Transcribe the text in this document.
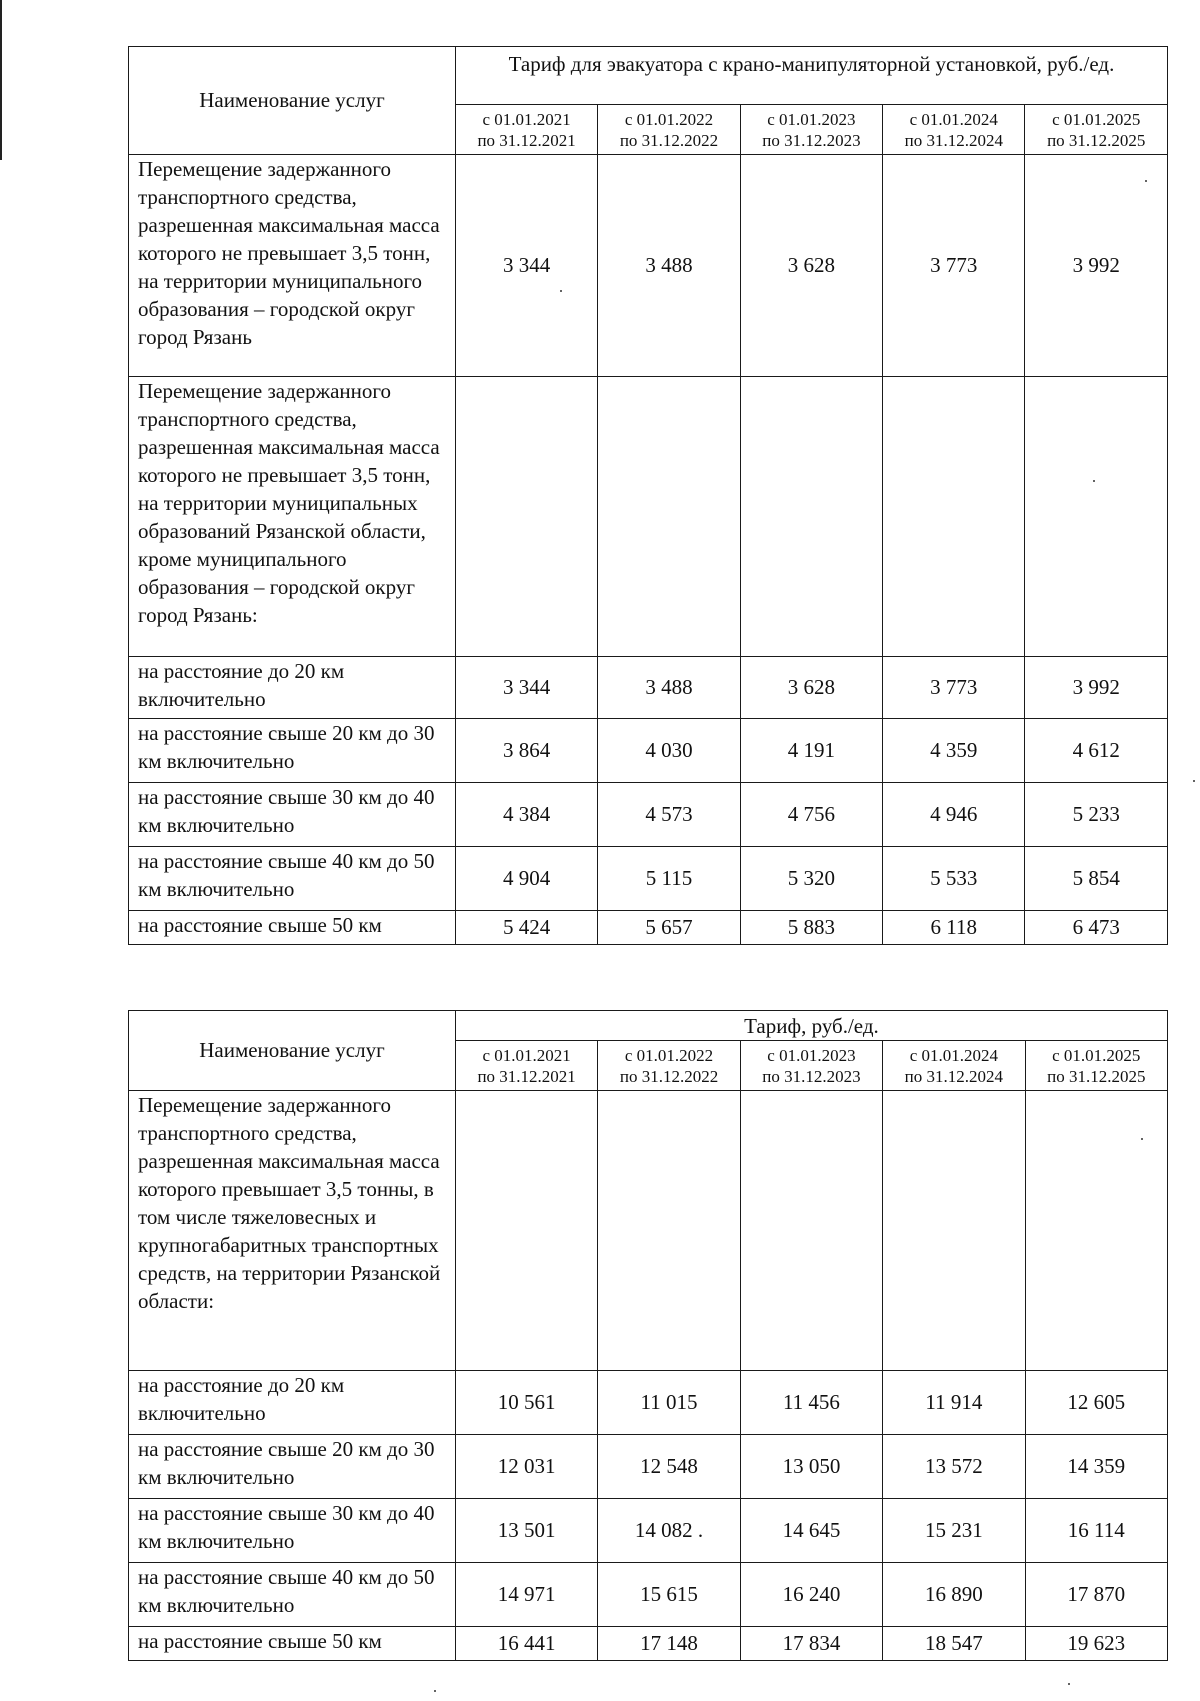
Наименование услуг	Тариф для эвакуатора с крано-манипуляторной установкой, руб./ед.				
	с 01.01.2021
по 31.12.2021	с 01.01.2022
по 31.12.2022	с 01.01.2023
по 31.12.2023	с 01.01.2024
по 31.12.2024	с 01.01.2025
по 31.12.2025
Перемещение задержанного транспортного средства, разрешенная максимальная масса которого не превышает 3,5 тонн, на территории муниципального образования – городской округ город Рязань	3 344	3 488	3 628	3 773	3 992
Перемещение задержанного транспортного средства, разрешенная максимальная масса которого не превышает 3,5 тонн, на территории муниципальных образований Рязанской области, кроме муниципального образования – городской округ город Рязань:					
на расстояние до 20 км включительно	3 344	3 488	3 628	3 773	3 992
на расстояние свыше 20 км до 30 км включительно	3 864	4 030	4 191	4 359	4 612
на расстояние свыше 30 км до 40 км включительно	4 384	4 573	4 756	4 946	5 233
на расстояние свыше 40 км до 50 км включительно	4 904	5 115	5 320	5 533	5 854
на расстояние свыше 50 км	5 424	5 657	5 883	6 118	6 473
Наименование услуг	Тариф, руб./ед.				
	с 01.01.2021
по 31.12.2021	с 01.01.2022
по 31.12.2022	с 01.01.2023
по 31.12.2023	с 01.01.2024
по 31.12.2024	с 01.01.2025
по 31.12.2025
Перемещение задержанного транспортного средства, разрешенная максимальная масса которого превышает 3,5 тонны, в том числе тяжеловесных и крупногабаритных транспортных средств, на территории Рязанской области:					
на расстояние до 20 км включительно	10 561	11 015	11 456	11 914	12 605
на расстояние свыше 20 км до 30 км включительно	12 031	12 548	13 050	13 572	14 359
на расстояние свыше 30 км до 40 км включительно	13 501	14 082 .	14 645	15 231	16 114
на расстояние свыше 40 км до 50 км включительно	14 971	15 615	16 240	16 890	17 870
на расстояние свыше 50 км	16 441	17 148	17 834	18 547	19 623
